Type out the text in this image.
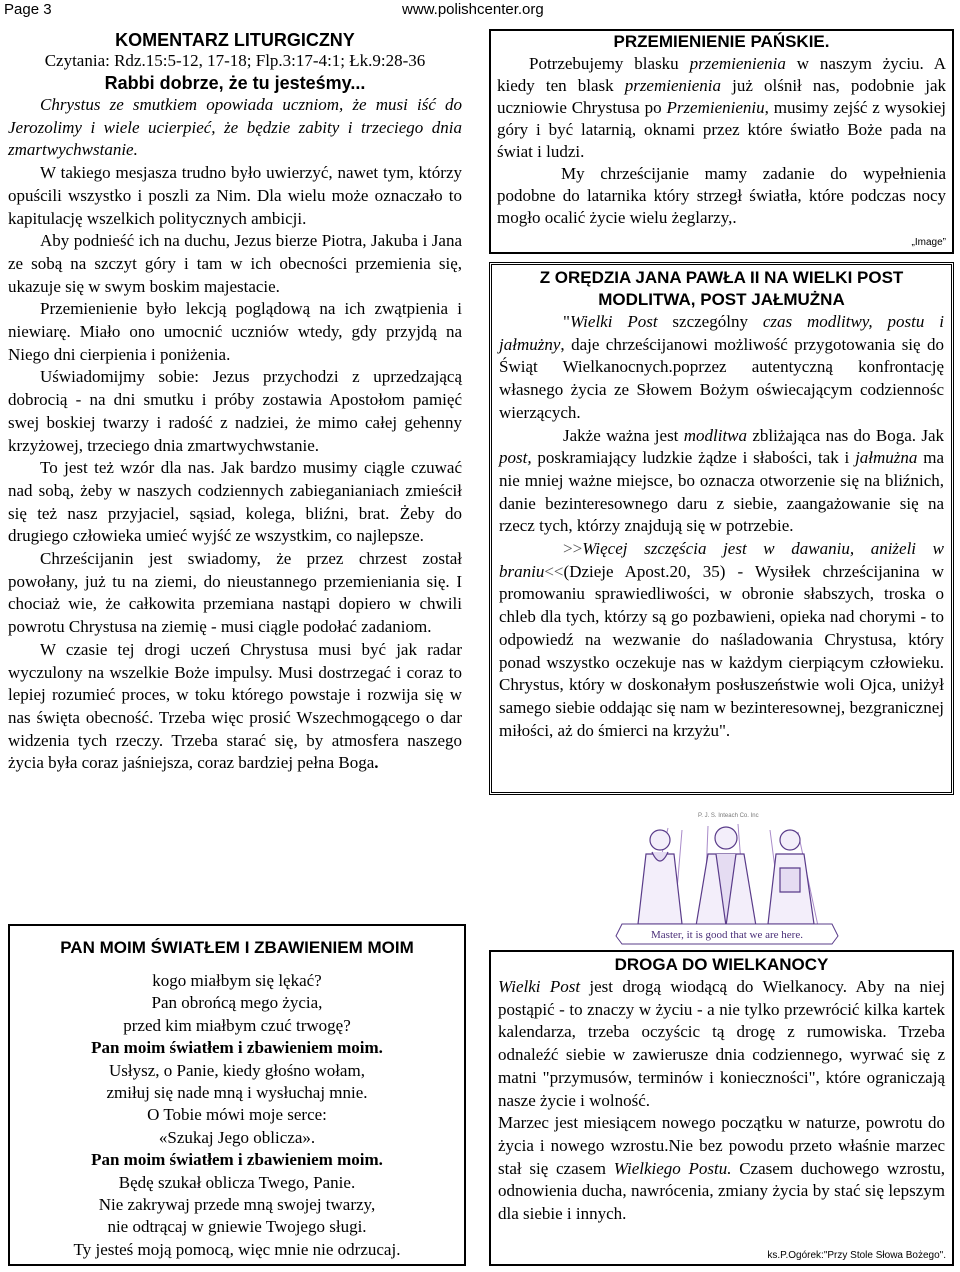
Page 3	www.polishcenter.org
KOMENTARZ LITURGICZNY
Czytania: Rdz.15:5-12, 17-18; Flp.3:17-4:1; Łk.9:28-36
Rabbi dobrze, że tu jesteśmy...

Chrystus ze smutkiem opowiada uczniom, że musi iść do Jerozolimy i wiele ucierpieć, że będzie zabity i trzeciego dnia zmartwychwstanie.

W takiego mesjasza trudno było uwierzyć, nawet tym, którzy opuścili wszystko i poszli za Nim. Dla wielu może oznaczało to kapitulację wszelkich politycznych ambicji.

Aby podnieść ich na duchu, Jezus bierze Piotra, Jakuba i Jana ze sobą na szczyt góry i tam w ich obecności przemienia się, ukazuje się w swym boskim majestacie.

Przemienienie było lekcją poglądową na ich zwątpienia i niewiarę. Miało ono umocnić uczniów wtedy, gdy przyjdą na Niego dni cierpienia i poniżenia.

Uświadomijmy sobie: Jezus przychodzi z uprzedzającą dobrocią - na dni smutku i próby zostawia Apostołom pamięć swej boskiej twarzy i radość z nadziei, że mimo całej gehenny krzyżowej, trzeciego dnia zmartwychwstanie.

To jest też wzór dla nas. Jak bardzo musimy ciągle czuwać nad sobą, żeby w naszych codziennych zabieganianiach zmieścił się też nasz przyjaciel, sąsiad, kolega, bliźni, brat. Żeby do drugiego człowieka umieć wyjść ze wszystkim, co najlepsze.

Chrześcijanin jest swiadomy, że przez chrzest został powołany, już tu na ziemi, do nieustannego przemieniania się. I chociaż wie, że całkowita przemiana nastąpi dopiero w chwili powrotu Chrystusa na ziemię - musi ciągle podołać zadaniom.

W czasie tej drogi uczeń Chrystusa musi być jak radar wyczulony na wszelkie Boże impulsy. Musi dostrzegać i coraz to lepiej rozumieć proces, w toku którego powstaje i rozwija się w nas święta obecność. Trzeba więc prosić Wszechmogącego o dar widzenia tych rzeczy. Trzeba starać się, by atmosfera naszego życia była coraz jaśniejsza, coraz bardziej pełna Boga.

PRZEMIENIENIE PAŃSKIE.

Potrzebujemy blasku przemienienia w naszym życiu. A kiedy ten blask przemienienia już olśnił nas, podobnie jak uczniowie Chrystusa po Przemienieniu, musimy zejść z wysokiej góry i być latarnią, oknami przez które światło Boże pada na świat i ludzi.

My chrześcijanie mamy zadanie do wypełnienia podobne do latarnika który strzegł światła, które podczas nocy mogło ocalić życie wielu żeglarzy,.

„Image”
Z ORĘDZIA JANA PAWŁA II NA WIELKI POST
MODLITWA, POST JAŁMUŻNA

"Wielki Post szczególny czas modlitwy, postu i jałmużny, daje chrześcijanowi możliwość przygotowania się do Świąt Wielkanocnych.poprzez autentyczną konfrontację własnego życia ze Słowem Bożym oświecającym codziennośc wierzących.

Jakże ważna jest modlitwa zbliżająca nas do Boga. Jak post, poskramiający ludzkie żądze i słabości, tak i jałmużna ma nie mniej ważne miejsce, bo oznacza otworzenie się na bliźnich, danie bezinteresownego daru z siebie, zaangażowanie się na rzecz tych, którzy znajdują się w potrzebie.

>>Więcej szczęścia jest w dawaniu, aniżeli w braniu<<(Dzieje Apost.20, 35) - Wysiłek chrześcijanina w promowaniu sprawiedliwości, w obronie słabszych, troska o chleb dla tych, którzy są go pozbawieni, opieka nad chorymi - to odpowiedź na wezwanie do naśladowania Chrystusa, który ponad wszystko oczekuje nas w każdym cierpiącym człowieku. Chrystus, który w doskonałym posłuszeństwie woli Ojca, uniżył samego siebie oddając się nam w bezinteresownej, bezgranicznej miłości, aż do śmierci na krzyżu".

P. J. S. Inteach Co. Inc
Master, it is good that we are here.
PAN MOIM ŚWIATŁEM I ZBAWIENIEM MOIM
kogo miałbym się lękać?
Pan obrońcą mego życia,
przed kim miałbym czuć trwogę?
Pan moim światłem i zbawieniem moim.
Usłysz, o Panie, kiedy głośno wołam,
zmiłuj się nade mną i wysłuchaj mnie.
O Tobie mówi moje serce:
«Szukaj Jego oblicza».
Pan moim światłem i zbawieniem moim.
Będę szukał oblicza Twego, Panie.
Nie zakrywaj przede mną swojej twarzy,
nie odtrącaj w gniewie Twojego sługi.
Ty jesteś moją pomocą, więc mnie nie odrzucaj.
DROGA DO WIELKANOCY

Wielki Post jest drogą wiodącą do Wielkanocy. Aby na niej postąpić - to znaczy w życiu - a nie tylko przewrócić kilka kartek kalendarza, trzeba oczyścic tą drogę z rumowiska. Trzeba odnaleźć siebie w zawierusze dnia codziennego, wyrwać się z matni "przymusów, terminów i konieczności", które ograniczają nasze życie i wolność.

Marzec jest miesiącem nowego początku w naturze, powrotu do życia i nowego wzrostu.Nie bez powodu przeto właśnie marzec stał się czasem Wielkiego Postu. Czasem duchowego wzrostu, odnowienia ducha, nawrócenia, zmiany życia by stać się lepszym dla siebie i innych.

ks.P.Ogórek:"Przy Stole Słowa Bożego".
